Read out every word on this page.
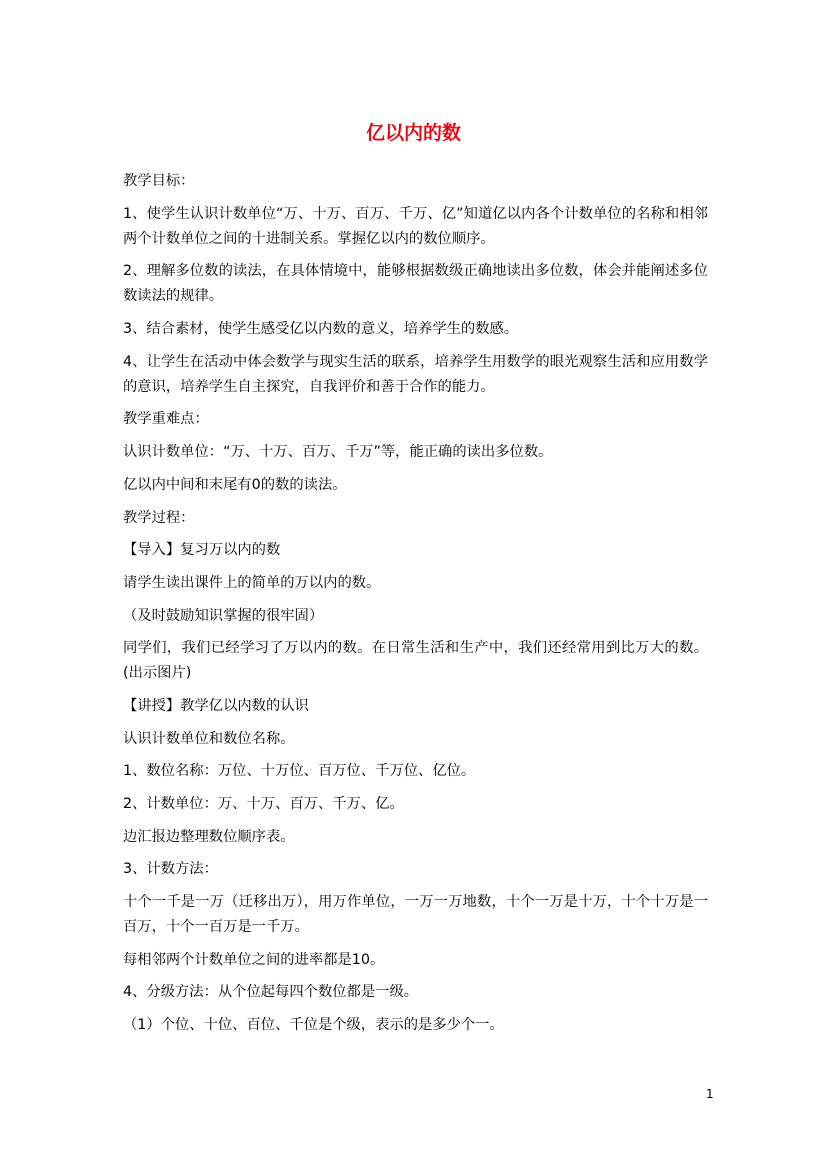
亿以内的数

教学目标：

1、使学生认识计数单位“万、十万、百万、千万、亿”知道亿以内各个计数单位的名称和相邻两个计数单位之间的十进制关系。掌握亿以内的数位顺序。

2、理解多位数的读法，在具体情境中，能够根据数级正确地读出多位数，体会并能阐述多位数读法的规律。

3、结合素材，使学生感受亿以内数的意义，培养学生的数感。

4、让学生在活动中体会数学与现实生活的联系，培养学生用数学的眼光观察生活和应用数学的意识，培养学生自主探究，自我评价和善于合作的能力。

教学重难点：

认识计数单位：“万、十万、百万、千万”等，能正确的读出多位数。

亿以内中间和末尾有0的数的读法。

教学过程：

【导入】复习万以内的数

请学生读出课件上的简单的万以内的数。

（及时鼓励知识掌握的很牢固）

同学们，我们已经学习了万以内的数。在日常生活和生产中，我们还经常用到比万大的数。(出示图片)

【讲授】教学亿以内数的认识

认识计数单位和数位名称。

1、数位名称：万位、十万位、百万位、千万位、亿位。

2、计数单位：万、十万、百万、千万、亿。

边汇报边整理数位顺序表。

3、计数方法：

十个一千是一万（迁移出万），用万作单位，一万一万地数，十个一万是十万，十个十万是一百万，十个一百万是一千万。

每相邻两个计数单位之间的进率都是10。

4、分级方法：从个位起每四个数位都是一级。

（1）个位、十位、百位、千位是个级，表示的是多少个一。

1
